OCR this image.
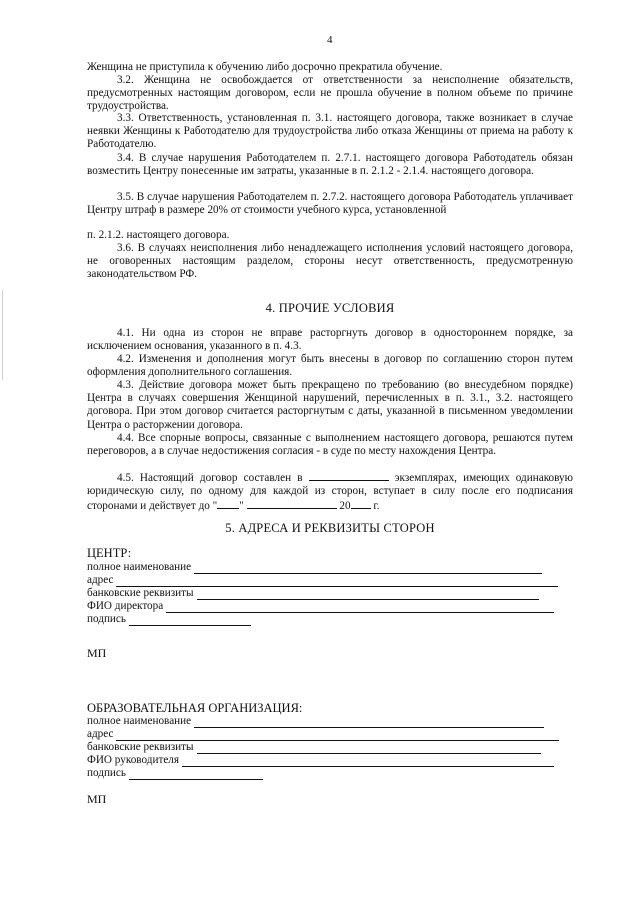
4

Женщина не приступила к обучению либо досрочно прекратила обучение.

3.2. Женщина не освобождается от ответственности за неисполнение обязательств, предусмотренных настоящим договором, если не прошла обучение в полном объеме по причине трудоустройства.

3.3. Ответственность, установленная п. 3.1. настоящего договора, также возникает в случае неявки Женщины к Работодателю для трудоустройства либо отказа Женщины от приема на работу к Работодателю.

3.4. В случае нарушения Работодателем п. 2.7.1. настоящего договора Работодатель обязан возместить Центру понесенные им затраты, указанные в п. 2.1.2 - 2.1.4. настоящего договора.

3.5. В случае нарушения Работодателем п. 2.7.2. настоящего договора Работодатель уплачивает Центру штраф в размере 20% от стоимости учебного курса, установленной

п. 2.1.2. настоящего договора.

3.6. В случаях неисполнения либо ненадлежащего исполнения условий настоящего договора, не оговоренных настоящим разделом, стороны несут ответственность, предусмотренную законодательством РФ.

4. ПРОЧИЕ УСЛОВИЯ

4.1. Ни одна из сторон не вправе расторгнуть договор в одностороннем порядке, за исключением основания, указанного в п. 4.3.

4.2. Изменения и дополнения могут быть внесены в договор по соглашению сторон путем оформления дополнительного соглашения.

4.3. Действие договора может быть прекращено по требованию (во внесудебном порядке) Центра в случаях совершения Женщиной нарушений, перечисленных в п. 3.1., 3.2. настоящего договора. При этом договор считается расторгнутым с даты, указанной в письменном уведомлении Центра о расторжении договора.

4.4. Все спорные вопросы, связанные с выполнением настоящего договора, решаются путем переговоров, а в случае недостижения согласия - в суде по месту нахождения Центра.

4.5. Настоящий договор составлен в	экземплярах, имеющих одинаковую юридическую силу, по одному для каждой из сторон, вступает в силу после его подписания сторонами и действует до " "	20 г.

5. АДРЕСА И РЕКВИЗИТЫ СТОРОН

ЦЕНТР:

полное наименование
адрес
банковские реквизиты
ФИО директора
подпись
МП

ОБРАЗОВАТЕЛЬНАЯ ОРГАНИЗАЦИЯ:

полное наименование
адрес
банковские реквизиты
ФИО руководителя
подпись
МП
